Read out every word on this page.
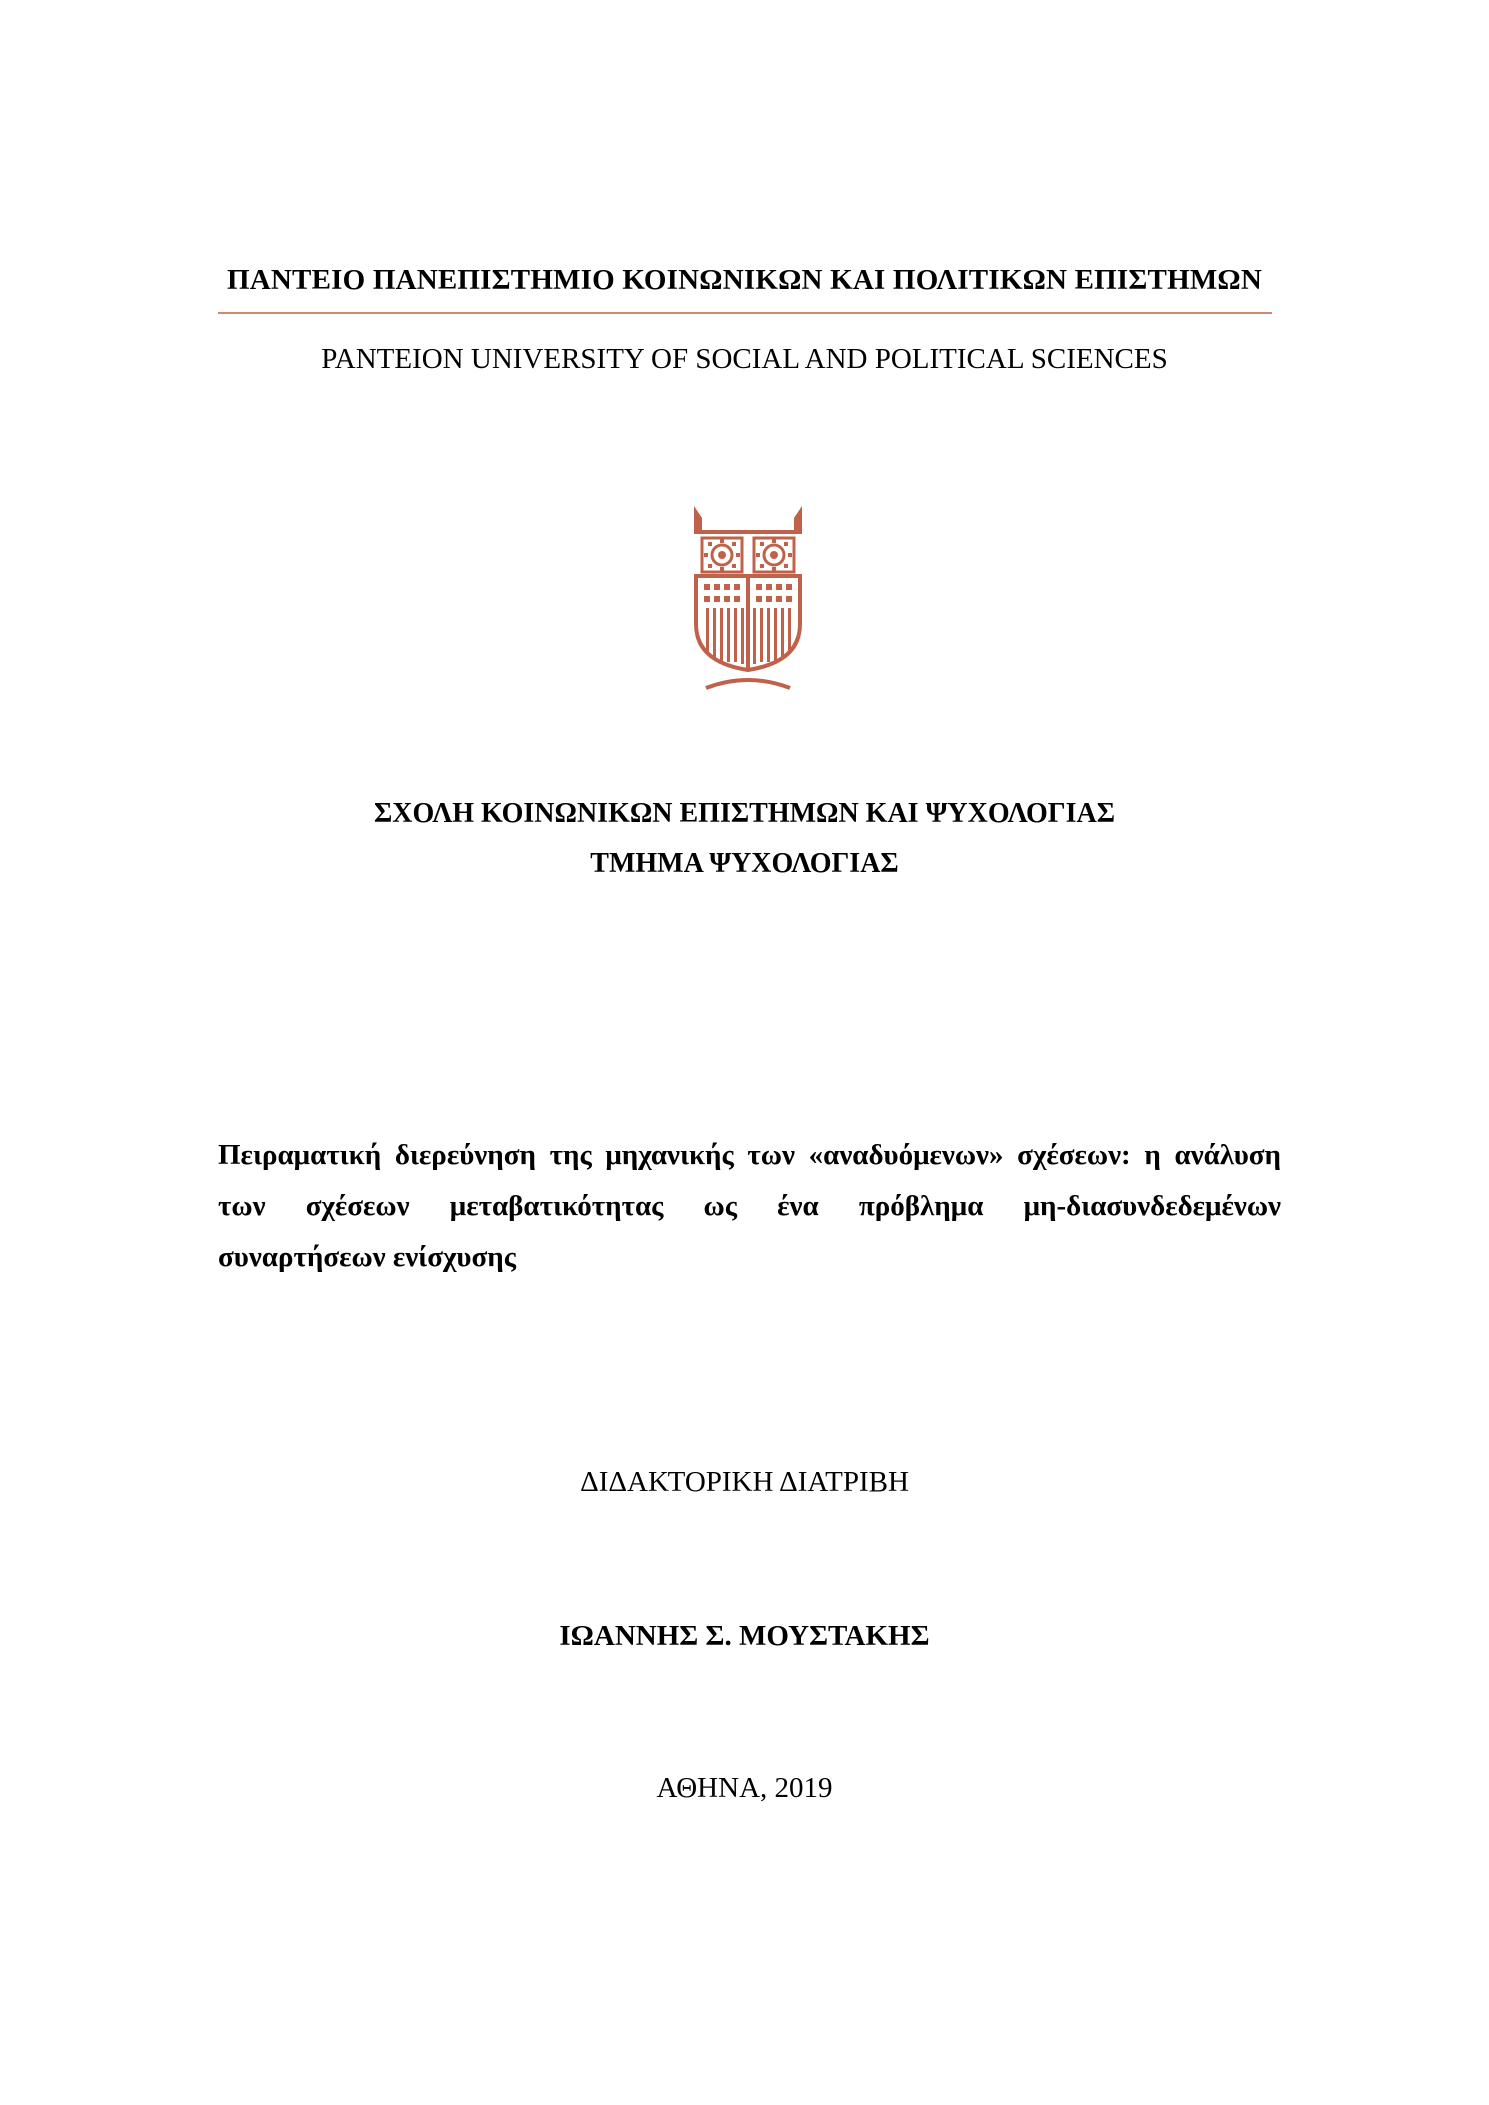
ΠΑΝΤΕΙΟ ΠΑΝΕΠΙΣΤΗΜΙΟ ΚΟΙΝΩΝΙΚΩΝ ΚΑΙ ΠΟΛΙΤΙΚΩΝ ΕΠΙΣΤΗΜΩΝ
PANTEION UNIVERSITY OF SOCIAL AND POLITICAL SCIENCES
ΣΧΟΛΗ ΚΟΙΝΩΝΙΚΩΝ ΕΠΙΣΤΗΜΩΝ ΚΑΙ ΨΥΧΟΛΟΓΙΑΣ
ΤΜΗΜΑ ΨΥΧΟΛΟΓΙΑΣ
Πειραματική διερεύνηση της μηχανικής των «αναδυόμενων» σχέσεων: η ανάλυση
των σχέσεων μεταβατικότητας ως ένα πρόβλημα μη-διασυνδεδεμένων
συναρτήσεων ενίσχυσης
ΔΙΔΑΚΤΟΡΙΚΗ ΔΙΑΤΡΙΒΗ
ΙΩΑΝΝΗΣ Σ. ΜΟΥΣΤΑΚΗΣ
ΑΘΗΝΑ, 2019
